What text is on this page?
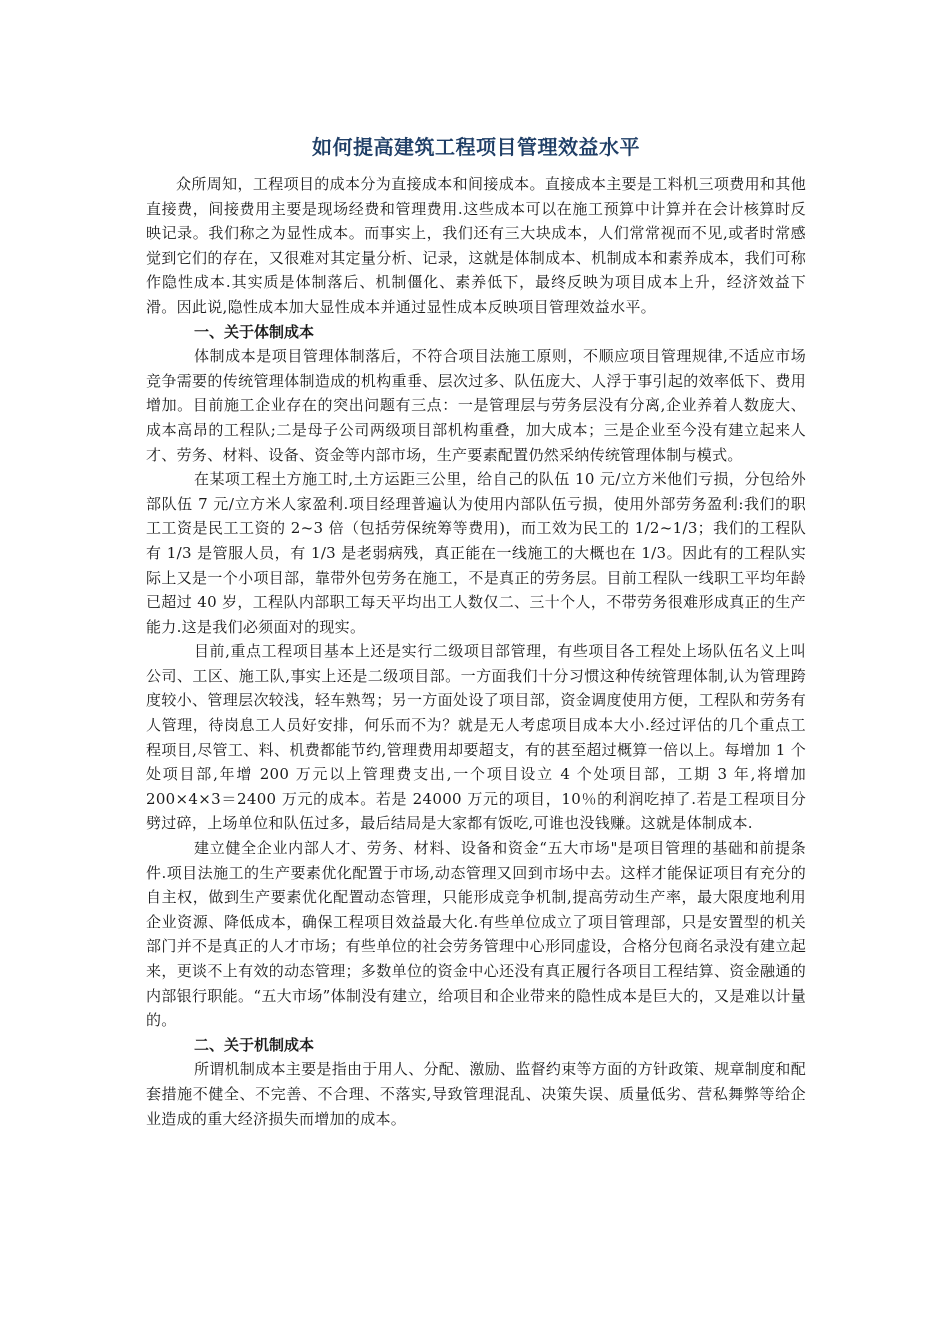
如何提高建筑工程项目管理效益水平

众所周知，工程项目的成本分为直接成本和间接成本。直接成本主要是工料机三项费用和其他直接费，间接费用主要是现场经费和管理费用.这些成本可以在施工预算中计算并在会计核算时反映记录。我们称之为显性成本。而事实上，我们还有三大块成本，人们常常视而不见,或者时常感觉到它们的存在，又很难对其定量分析、记录，这就是体制成本、机制成本和素养成本，我们可称作隐性成本.其实质是体制落后、机制僵化、素养低下，最终反映为项目成本上升，经济效益下滑。因此说,隐性成本加大显性成本并通过显性成本反映项目管理效益水平。

一、关于体制成本

体制成本是项目管理体制落后，不符合项目法施工原则，不顺应项目管理规律,不适应市场竞争需要的传统管理体制造成的机构重垂、层次过多、队伍庞大、人浮于事引起的效率低下、费用增加。目前施工企业存在的突出问题有三点：一是管理层与劳务层没有分离,企业养着人数庞大、成本高昂的工程队;二是母子公司两级项目部机构重叠，加大成本；三是企业至今没有建立起来人才、劳务、材料、设备、资金等内部市场，生产要素配置仍然采纳传统管理体制与模式。

在某项工程土方施工时,土方运距三公里，给自己的队伍 10 元/立方米他们亏损，分包给外部队伍 7 元/立方米人家盈利.项目经理普遍认为使用内部队伍亏损，使用外部劳务盈利:我们的职工工资是民工工资的 2~3 倍（包括劳保统筹等费用)，而工效为民工的 1/2~1/3；我们的工程队有 1/3 是管服人员，有 1/3 是老弱病残，真正能在一线施工的大概也在 1/3。因此有的工程队实际上又是一个小项目部，靠带外包劳务在施工，不是真正的劳务层。目前工程队一线职工平均年龄已超过 40 岁，工程队内部职工每天平均出工人数仅二、三十个人，不带劳务很难形成真正的生产能力.这是我们必须面对的现实。

目前,重点工程项目基本上还是实行二级项目部管理，有些项目各工程处上场队伍名义上叫公司、工区、施工队,事实上还是二级项目部。一方面我们十分习惯这种传统管理体制,认为管理跨度较小、管理层次较浅，轻车熟驾；另一方面处设了项目部，资金调度使用方便，工程队和劳务有人管理，待岗息工人员好安排，何乐而不为？就是无人考虑项目成本大小.经过评估的几个重点工程项目,尽管工、料、机费都能节约,管理费用却要超支，有的甚至超过概算一倍以上。每增加 1 个处项目部,年增 200 万元以上管理费支出,一个项目设立 4 个处项目部，工期 3 年,将增加 200×4×3＝2400 万元的成本。若是 24000 万元的项目，10％的利润吃掉了.若是工程项目分劈过碎，上场单位和队伍过多，最后结局是大家都有饭吃,可谁也没钱赚。这就是体制成本.

建立健全企业内部人才、劳务、材料、设备和资金“五大市场"是项目管理的基础和前提条件.项目法施工的生产要素优化配置于市场,动态管理又回到市场中去。这样才能保证项目有充分的自主权，做到生产要素优化配置动态管理，只能形成竞争机制,提高劳动生产率，最大限度地利用企业资源、降低成本，确保工程项目效益最大化.有些单位成立了项目管理部，只是安置型的机关部门并不是真正的人才市场；有些单位的社会劳务管理中心形同虚设，合格分包商名录没有建立起来，更谈不上有效的动态管理；多数单位的资金中心还没有真正履行各项目工程结算、资金融通的内部银行职能。“五大市场”体制没有建立，给项目和企业带来的隐性成本是巨大的，又是难以计量的。

二、关于机制成本

所谓机制成本主要是指由于用人、分配、激励、监督约束等方面的方针政策、规章制度和配套措施不健全、不完善、不合理、不落实,导致管理混乱、决策失误、质量低劣、营私舞弊等给企业造成的重大经济损失而增加的成本。
